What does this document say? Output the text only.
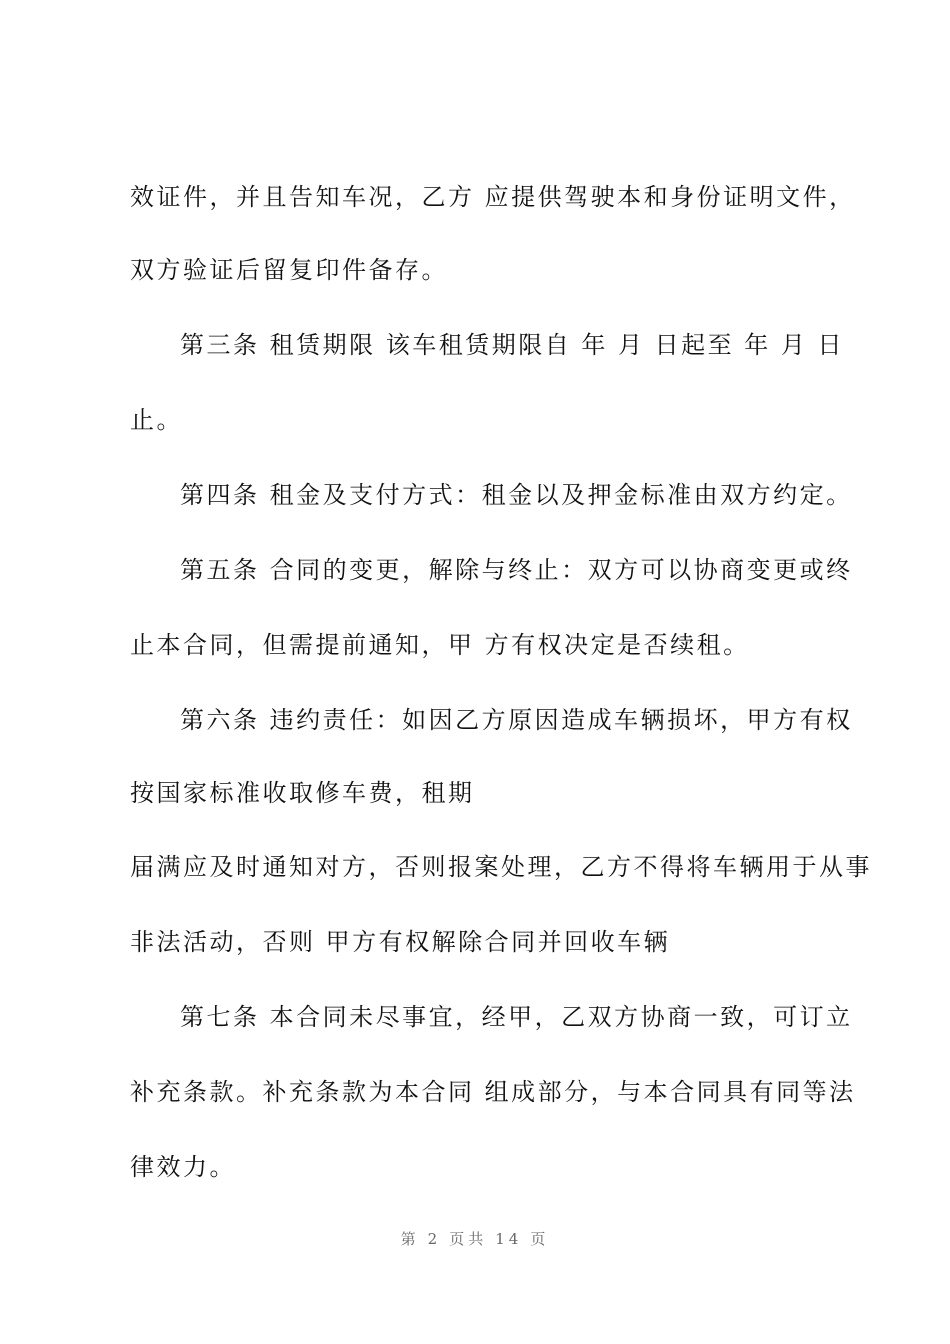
效证件，并且告知车况，乙方 应提供驾驶本和身份证明文件，
双方验证后留复印件备存。
第三条 租赁期限 该车租赁期限自 年 月 日起至 年 月 日
止。
第四条 租金及支付方式：租金以及押金标准由双方约定。
第五条 合同的变更，解除与终止：双方可以协商变更或终
止本合同，但需提前通知，甲 方有权决定是否续租。
第六条 违约责任：如因乙方原因造成车辆损坏，甲方有权
按国家标准收取修车费，租期
届满应及时通知对方，否则报案处理，乙方不得将车辆用于从事
非法活动，否则 甲方有权解除合同并回收车辆
第七条 本合同未尽事宜，经甲，乙双方协商一致，可订立
补充条款。补充条款为本合同 组成部分，与本合同具有同等法
律效力。
第 2 页共 14 页
